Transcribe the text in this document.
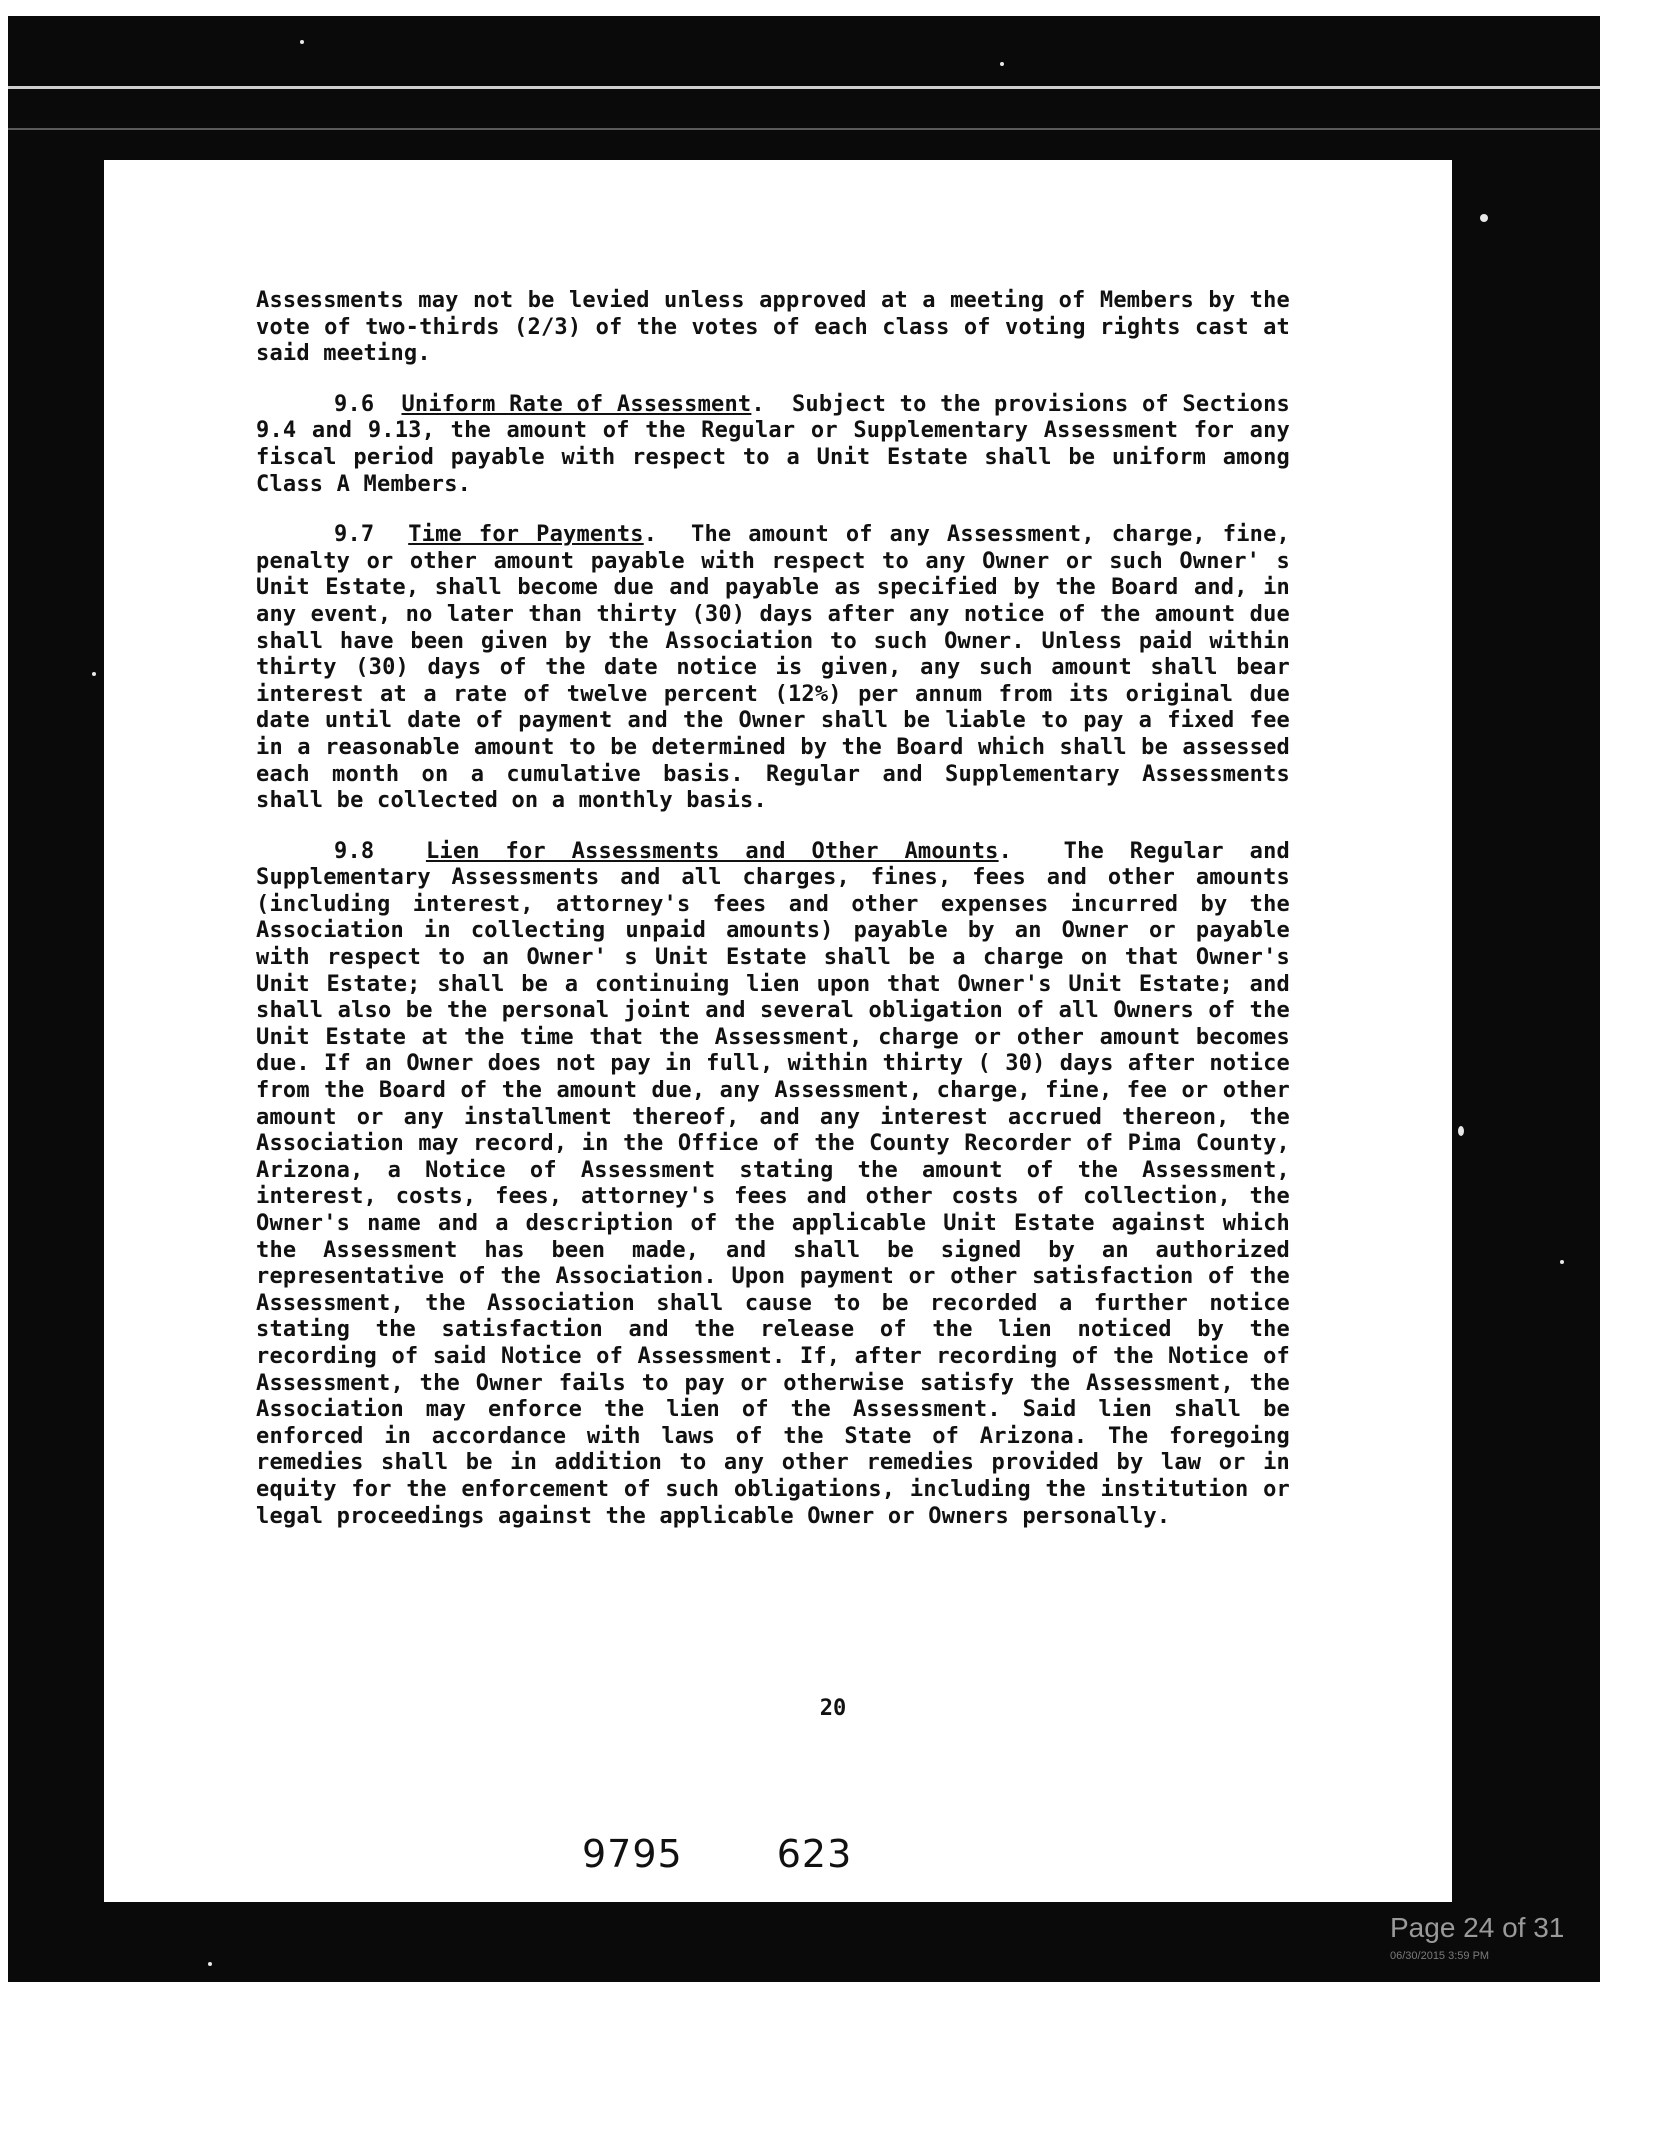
Assessments may not be levied unless approved at a meeting of Members by the vote of two-thirds (2/3) of the votes of each class of voting rights cast at said meeting.

9.6 Uniform Rate of Assessment.  Subject to the provisions of Sections 9.4 and 9.13, the amount of the Regular or Supplementary Assessment for any fiscal period payable with respect to a Unit Estate shall be uniform among Class A Members.

9.7 Time for Payments.  The amount of any Assessment, charge, fine, penalty or other amount payable with respect to any Owner or such Owner' s Unit Estate, shall become due and payable as specified by the Board and, in any event, no later than thirty (30) days after any notice of the amount due shall have been given by the Association to such Owner. Unless paid within thirty (30) days of the date notice is given, any such amount shall bear interest at a rate of twelve percent (12%) per annum from its original due date until date of payment and the Owner shall be liable to pay a fixed fee in a reasonable amount to be determined by the Board which shall be assessed each month on a cumulative basis. Regular and Supplementary Assessments shall be collected on a monthly basis.

9.8 Lien for Assessments and Other Amounts.  The Regular and Supplementary Assessments and all charges, fines, fees and other amounts (including interest, attorney's fees and other expenses incurred by the Association in collecting unpaid amounts) payable by an Owner or payable with respect to an Owner' s Unit Estate shall be a charge on that Owner's Unit Estate; shall be a continuing lien upon that Owner's Unit Estate; and shall also be the personal joint and several obligation of all Owners of the Unit Estate at the time that the Assessment, charge or other amount becomes due. If an Owner does not pay in full, within thirty ( 30) days after notice from the Board of the amount due, any Assessment, charge, fine, fee or other amount or any installment thereof, and any interest accrued thereon, the Association may record, in the Office of the County Recorder of Pima County, Arizona, a Notice of Assessment stating the amount of the Assessment, interest, costs, fees, attorney's fees and other costs of collection, the Owner's name and a description of the applicable Unit Estate against which the Assessment has been made, and shall be signed by an authorized representative of the Association. Upon payment or other satisfaction of the Assessment, the Association shall cause to be recorded a further notice stating the satisfaction and the release of the lien noticed by the recording of said Notice of Assessment. If, after recording of the Notice of Assessment, the Owner fails to pay or otherwise satisfy the Assessment, the Association may enforce the lien of the Assessment. Said lien shall be enforced in accordance with laws of the State of Arizona. The foregoing remedies shall be in addition to any other remedies provided by law or in equity for the enforcement of such obligations, including the institution or legal proceedings against the applicable Owner or Owners personally.

20
9795 623
Page 24 of 31
06/30/2015 3:59 PM
